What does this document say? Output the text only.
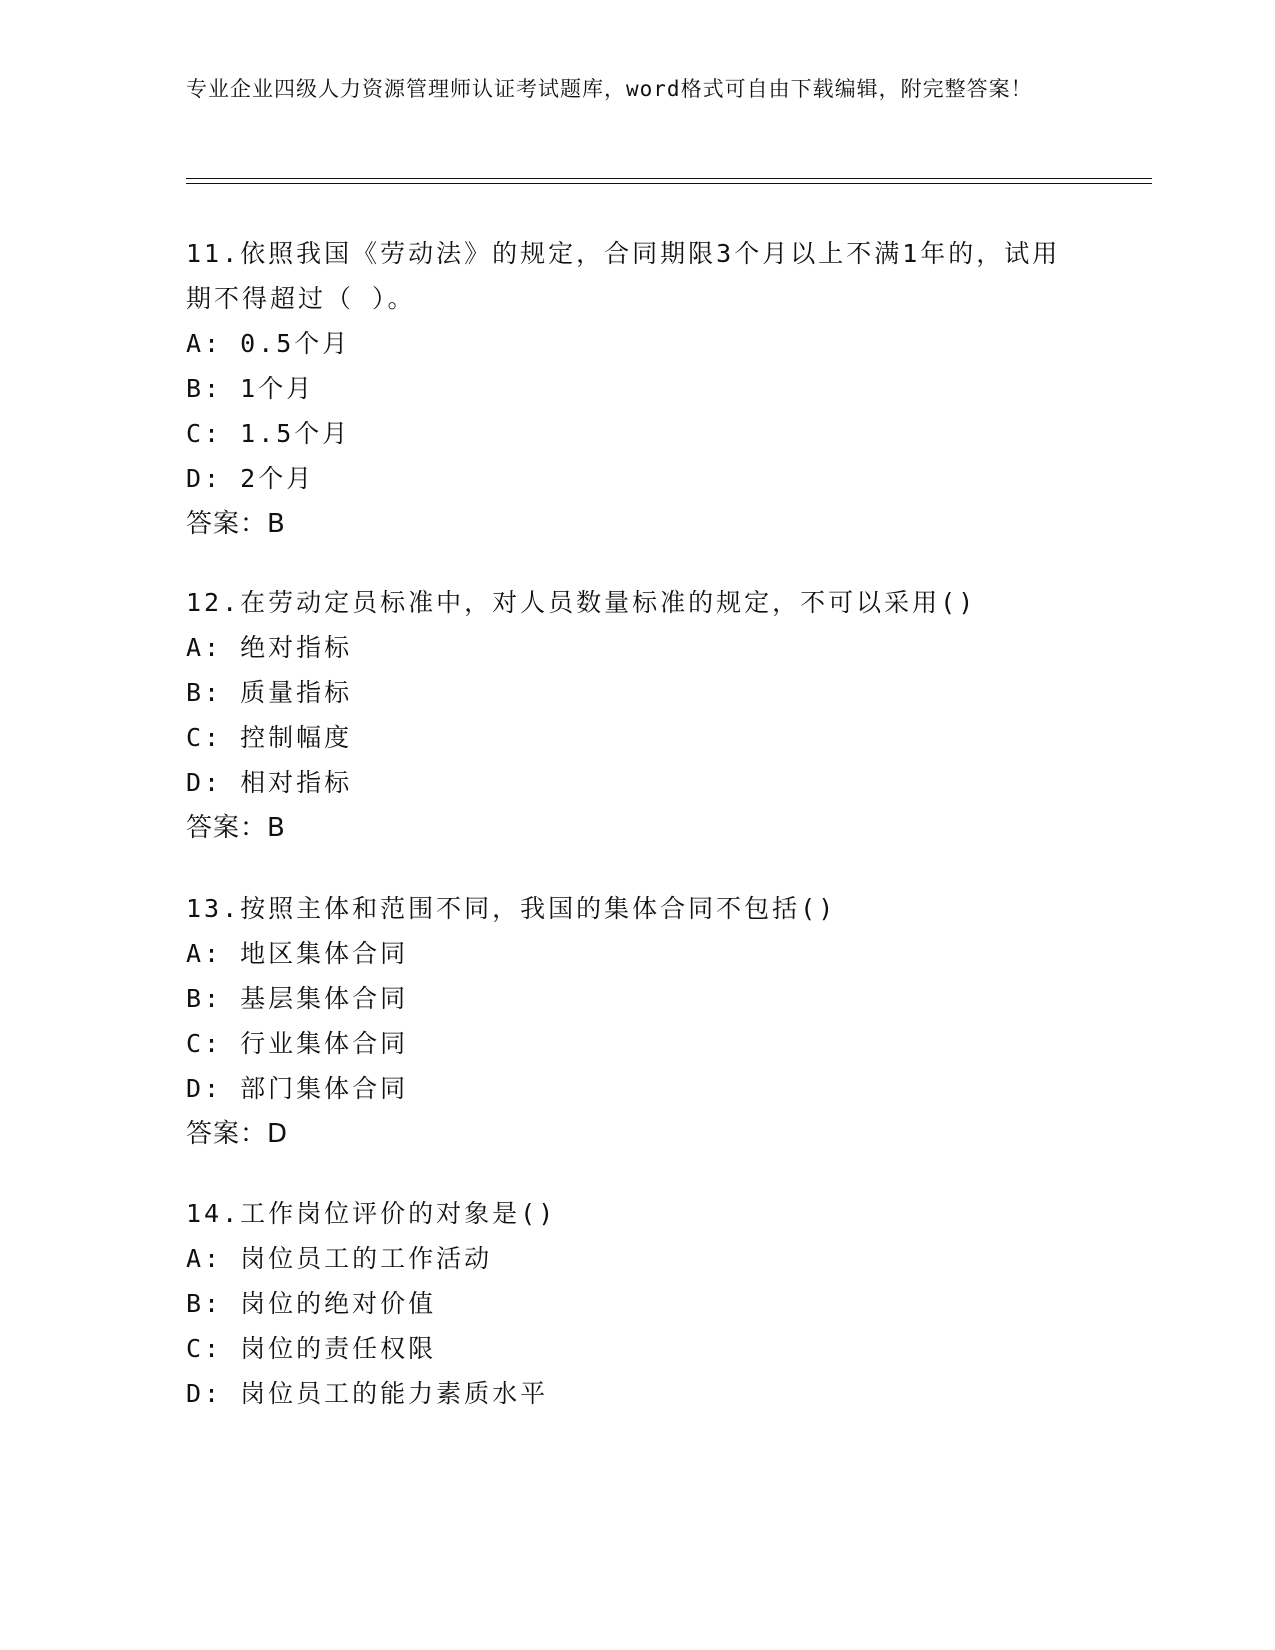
专业企业四级人力资源管理师认证考试题库，word格式可自由下载编辑，附完整答案！
11.依照我国《劳动法》的规定，合同期限3个月以上不满1年的，试用期不得超过（ ）。
A: 0.5个月
B: 1个月
C: 1.5个月
D: 2个月
答案：B
12.在劳动定员标准中，对人员数量标准的规定，不可以采用()
A: 绝对指标
B: 质量指标
C: 控制幅度
D: 相对指标
答案：B
13.按照主体和范围不同，我国的集体合同不包括()
A: 地区集体合同
B: 基层集体合同
C: 行业集体合同
D: 部门集体合同
答案：D
14.工作岗位评价的对象是()
A: 岗位员工的工作活动
B: 岗位的绝对价值
C: 岗位的责任权限
D: 岗位员工的能力素质水平
